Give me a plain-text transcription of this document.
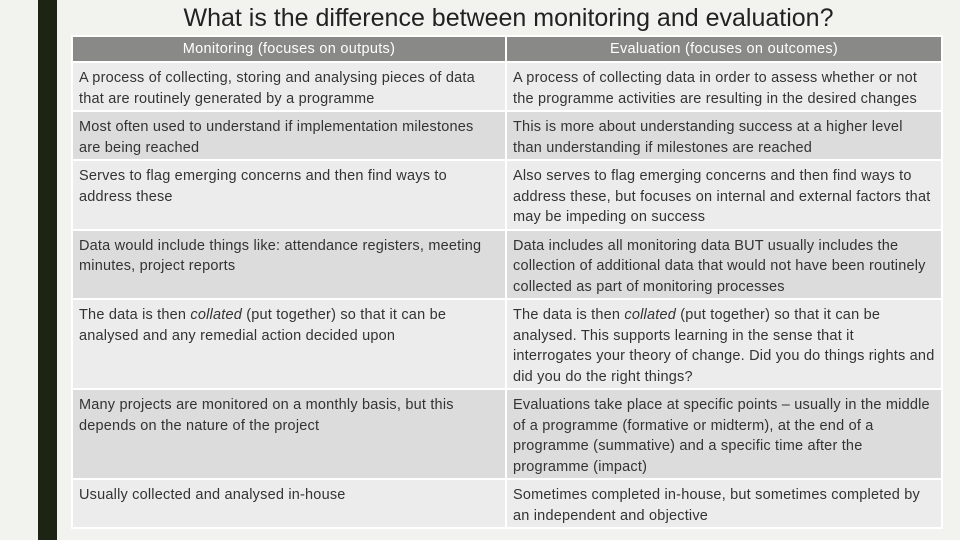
What is the difference between monitoring and evaluation?
Monitoring (focuses on outputs)	Evaluation (focuses on outcomes)
A process of collecting, storing and analysing pieces of data that are routinely generated by a programme	A process of collecting data in order to assess whether or not the programme activities are resulting in the desired changes
Most often used to understand if implementation milestones are being reached	This is more about understanding success at a higher level than understanding if milestones are reached
Serves to flag emerging concerns and then find ways to address these	Also serves to flag emerging concerns and then find ways to address these, but focuses on internal and external factors that may be impeding on success
Data would include things like: attendance registers, meeting minutes, project reports	Data includes all monitoring data BUT usually includes the collection of additional data that would not have been routinely collected as part of monitoring processes
The data is then collated (put together) so that it can be analysed and any remedial action decided upon	The data is then collated (put together) so that it can be analysed. This supports learning in the sense that it interrogates your theory of change. Did you do things rights and did you do the right things?
Many projects are monitored on a monthly basis, but this depends on the nature of the project	Evaluations take place at specific points – usually in the middle of a programme (formative or midterm), at the end of a programme (summative) and a specific time after the programme (impact)
Usually collected and analysed in-house	Sometimes completed in-house, but sometimes completed by an independent and objective
